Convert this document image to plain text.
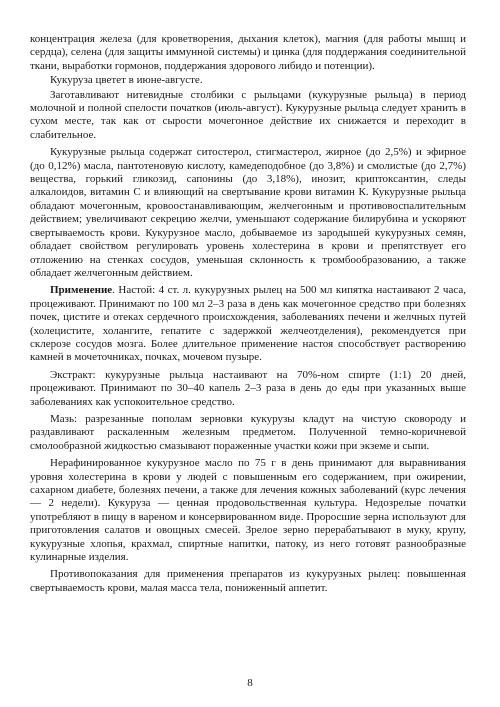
концентрация железа (для кроветворения, дыхания клеток), магния (для работы мышц и сердца), селена (для защиты иммунной системы) и цинка (для поддержания соединительной ткани, выработки гормонов, поддержания здорового либидо и потенции).

Кукуруза цветет в июне-августе.

Заготавливают нитевидные столбики с рыльцами (кукурузные рыльца) в период молочной и полной спелости початков (июль-август). Кукурузные рыльца следует хранить в сухом месте, так как от сырости мочегонное действие их снижается и переходит в слабительное.

Кукурузные рыльца содержат ситостерол, стигмастерол, жирное (до 2,5%) и эфирное (до 0,12%) масла, пантотеновую кислоту, камедеподобное (до 3,8%) и смолистые (до 2,7%) вещества, горький гликозид, сапонины (до 3,18%), инозит, криптоксантин, следы алкалоидов, витамин С и влияющий на свертывание крови витамин К. Кукурузные рыльца обладают мочегонным, кровоостанавливающим, желчегонным и противовоспалительным действием; увеличивают секрецию желчи, уменьшают содержание билирубина и ускоряют свертываемость крови. Кукурузное масло, добываемое из зародышей кукурузных семян, обладает свойством регулировать уровень холестерина в крови и препятствует его отложению на стенках сосудов, уменьшая склонность к тромбообразованию, а также обладает желчегонным действием.

Применение. Настой: 4 ст. л. кукурузных рылец на 500 мл кипятка настаивают 2 часа, процеживают. Принимают по 100 мл 2–3 раза в день как мочегонное средство при болезнях почек, цистите и отеках сердечного происхождения, заболеваниях печени и желчных путей (холецистите, холангите, гепатите с задержкой желчеотделения), рекомендуется при склерозе сосудов мозга. Более длительное применение настоя способствует растворению камней в мочеточниках, почках, мочевом пузыре.

Экстракт: кукурузные рыльца настаивают на 70%-ном спирте (1:1) 20 дней, процеживают. Принимают по 30–40 капель 2–3 раза в день до еды при указанных выше заболеваниях как успокоительное средство.

Мазь: разрезанные пополам зерновки кукурузы кладут на чистую сковороду и раздавливают раскаленным железным предметом. Полученной темно-коричневой смолообразной жидкостью смазывают пораженные участки кожи при экземе и сыпи.

Нерафинированное кукурузное масло по 75 г в день принимают для выравнивания уровня холестерина в крови у людей с повышенным его содержанием, при ожирении, сахарном диабете, болезнях печени, а также для лечения кожных заболеваний (курс лечения — 2 недели). Кукуруза — ценная продовольственная культура. Недозрелые початки употребляют в пищу в вареном и консервированном виде. Проросшие зерна используют для приготовления салатов и овощных смесей. Зрелое зерно перерабатывают в муку, крупу, кукурузные хлопья, крахмал, спиртные напитки, патоку, из него готовят разнообразные кулинарные изделия.

Противопоказания для применения препаратов из кукурузных рылец: повышенная свертываемость крови, малая масса тела, пониженный аппетит.

8
